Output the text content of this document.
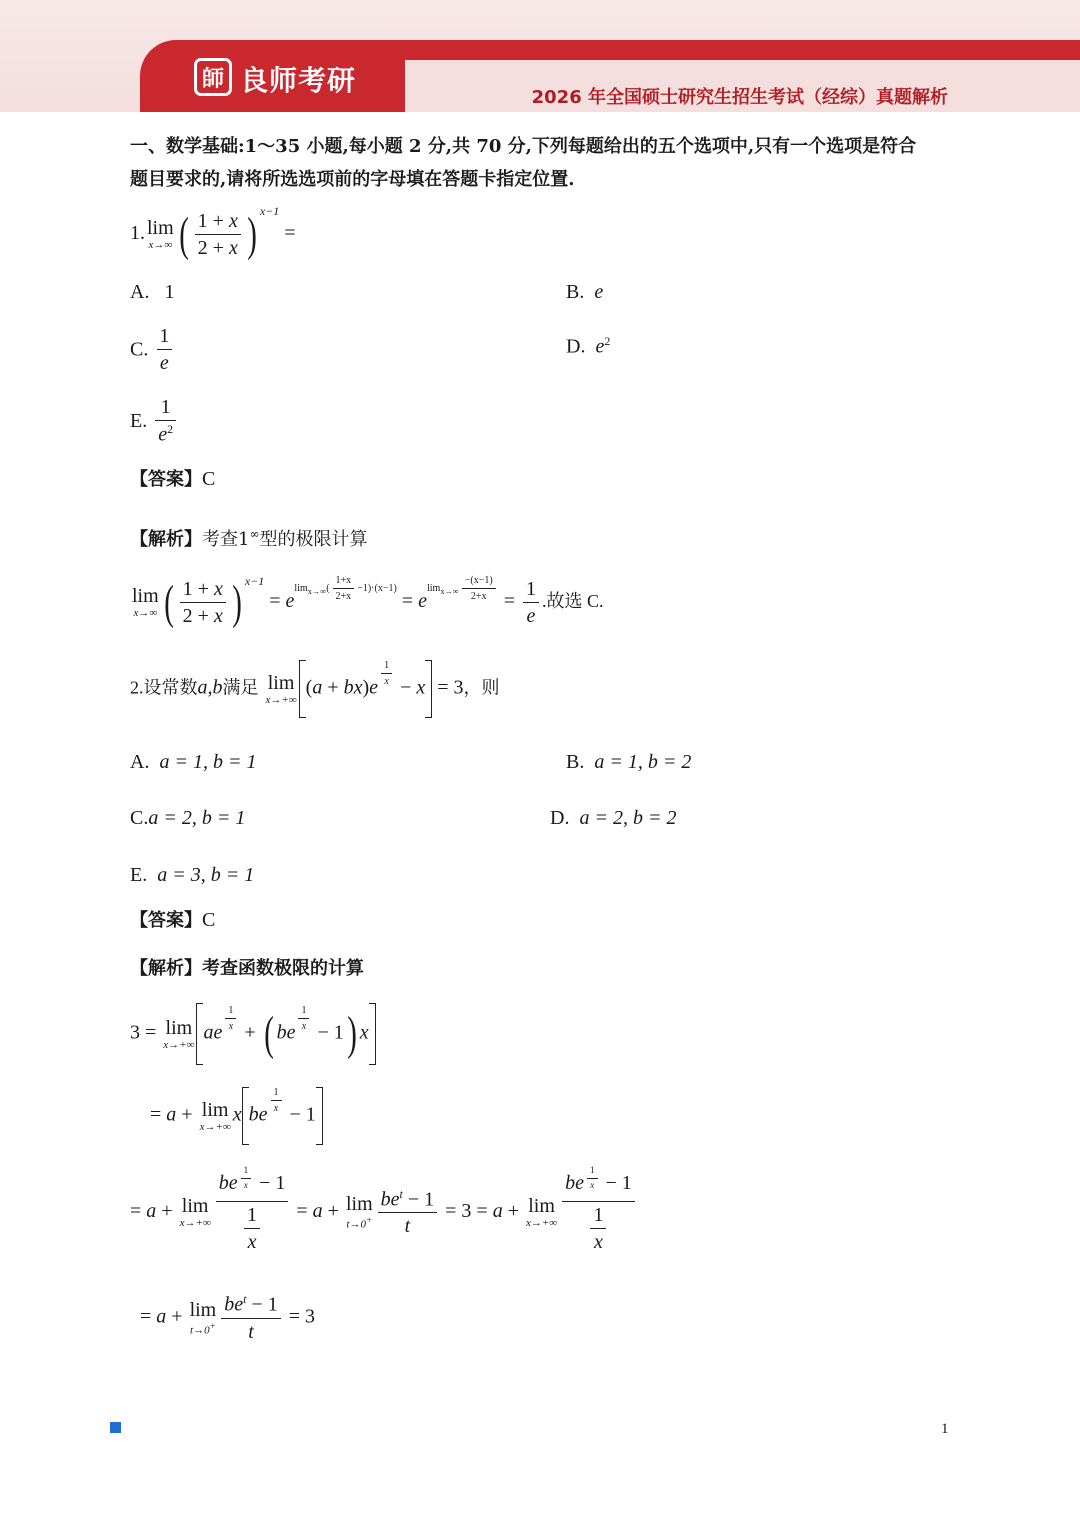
師 良师考研
2026 年全国硕士研究生招生考试（经综）真题解析
一、数学基础:1～35 小题,每小题 2 分,共 70 分,下列每题给出的五个选项中,只有一个选项是符合
题目要求的,请将所选选项前的字母填在答题卡指定位置.
1. lim
x→∞ ( $\frac{1 + x}{2 + x}$ ) $^{x-1}$ =
A. 1	B. e
C. $\frac{1}{e}$	D. $e^2$
E. $\frac{1}{e^2}$
【答案】C
【解析】考查1∞型的极限计算
lim
x→∞ ( $\frac{1 + x}{2 + x}$ ) $^{x-1} = e^{lim_{x\to\infty}( \frac{1+x}{2+x} -1)\cdot(x-1)} = e^{lim_{x\to\infty} \frac{-(x-1)}{2+x}} = \frac{1}{e}$ .故选 C.
2.设常数a,b满足 lim
x→+∞
(a + bx)e
$^{\frac{1}{x}}$
− x = 3，则
A. a = 1, b = 1	B. a = 1, b = 2
C.a = 2, b = 1	D. a = 2, b = 2
E. a = 3, b = 1
【答案】C
【解析】考查函数极限的计算
3 = lim
x→+∞
ae
$^{\frac{1}{x}}$
+ ( be
$^{\frac{1}{x}}$
− 1) x
= a + lim
x→+∞
x be
$^{\frac{1}{x}}$
− 1
= a + lim
x→+∞ be $^{\frac{1}{x}}$ − 1
$\frac{1}{x} = a + \lim$
$t\to 0^+ \frac{be^t - 1}{t} = 3 = a + \lim$
x→+∞ be $^{\frac{1}{x}}$ − 1
$\frac{1}{x}$
= a + lim
$t\to 0^+ \frac{be^t - 1}{t} = 3$
1
